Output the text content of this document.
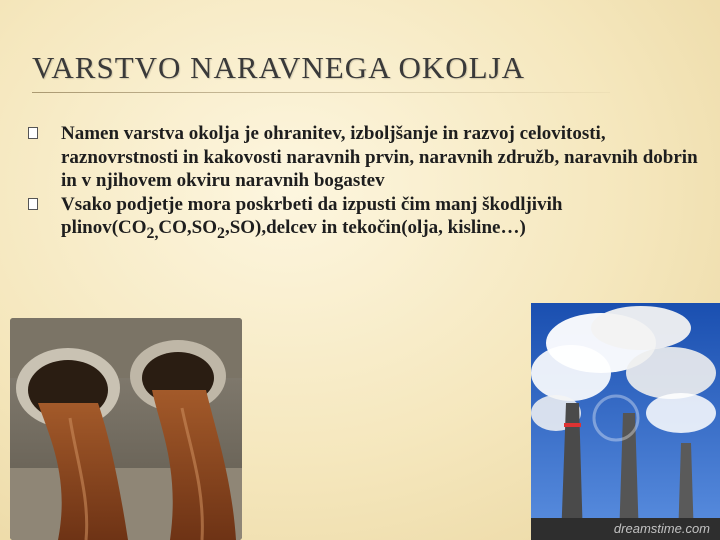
VARSTVO NARAVNEGA OKOLJA
Namen varstva okolja je ohranitev, izboljšanje in razvoj celovitosti, raznovrstnosti in kakovosti naravnih prvin, naravnih združb, naravnih dobrin in v njihovem okviru naravnih bogastev
Vsako podjetje mora poskrbeti da izpusti čim manj škodljivih $plinov(CO_{2,}CO,SO_2,SO),delcev$ in tekočin(olja, kisline…)
dreamstime.com
